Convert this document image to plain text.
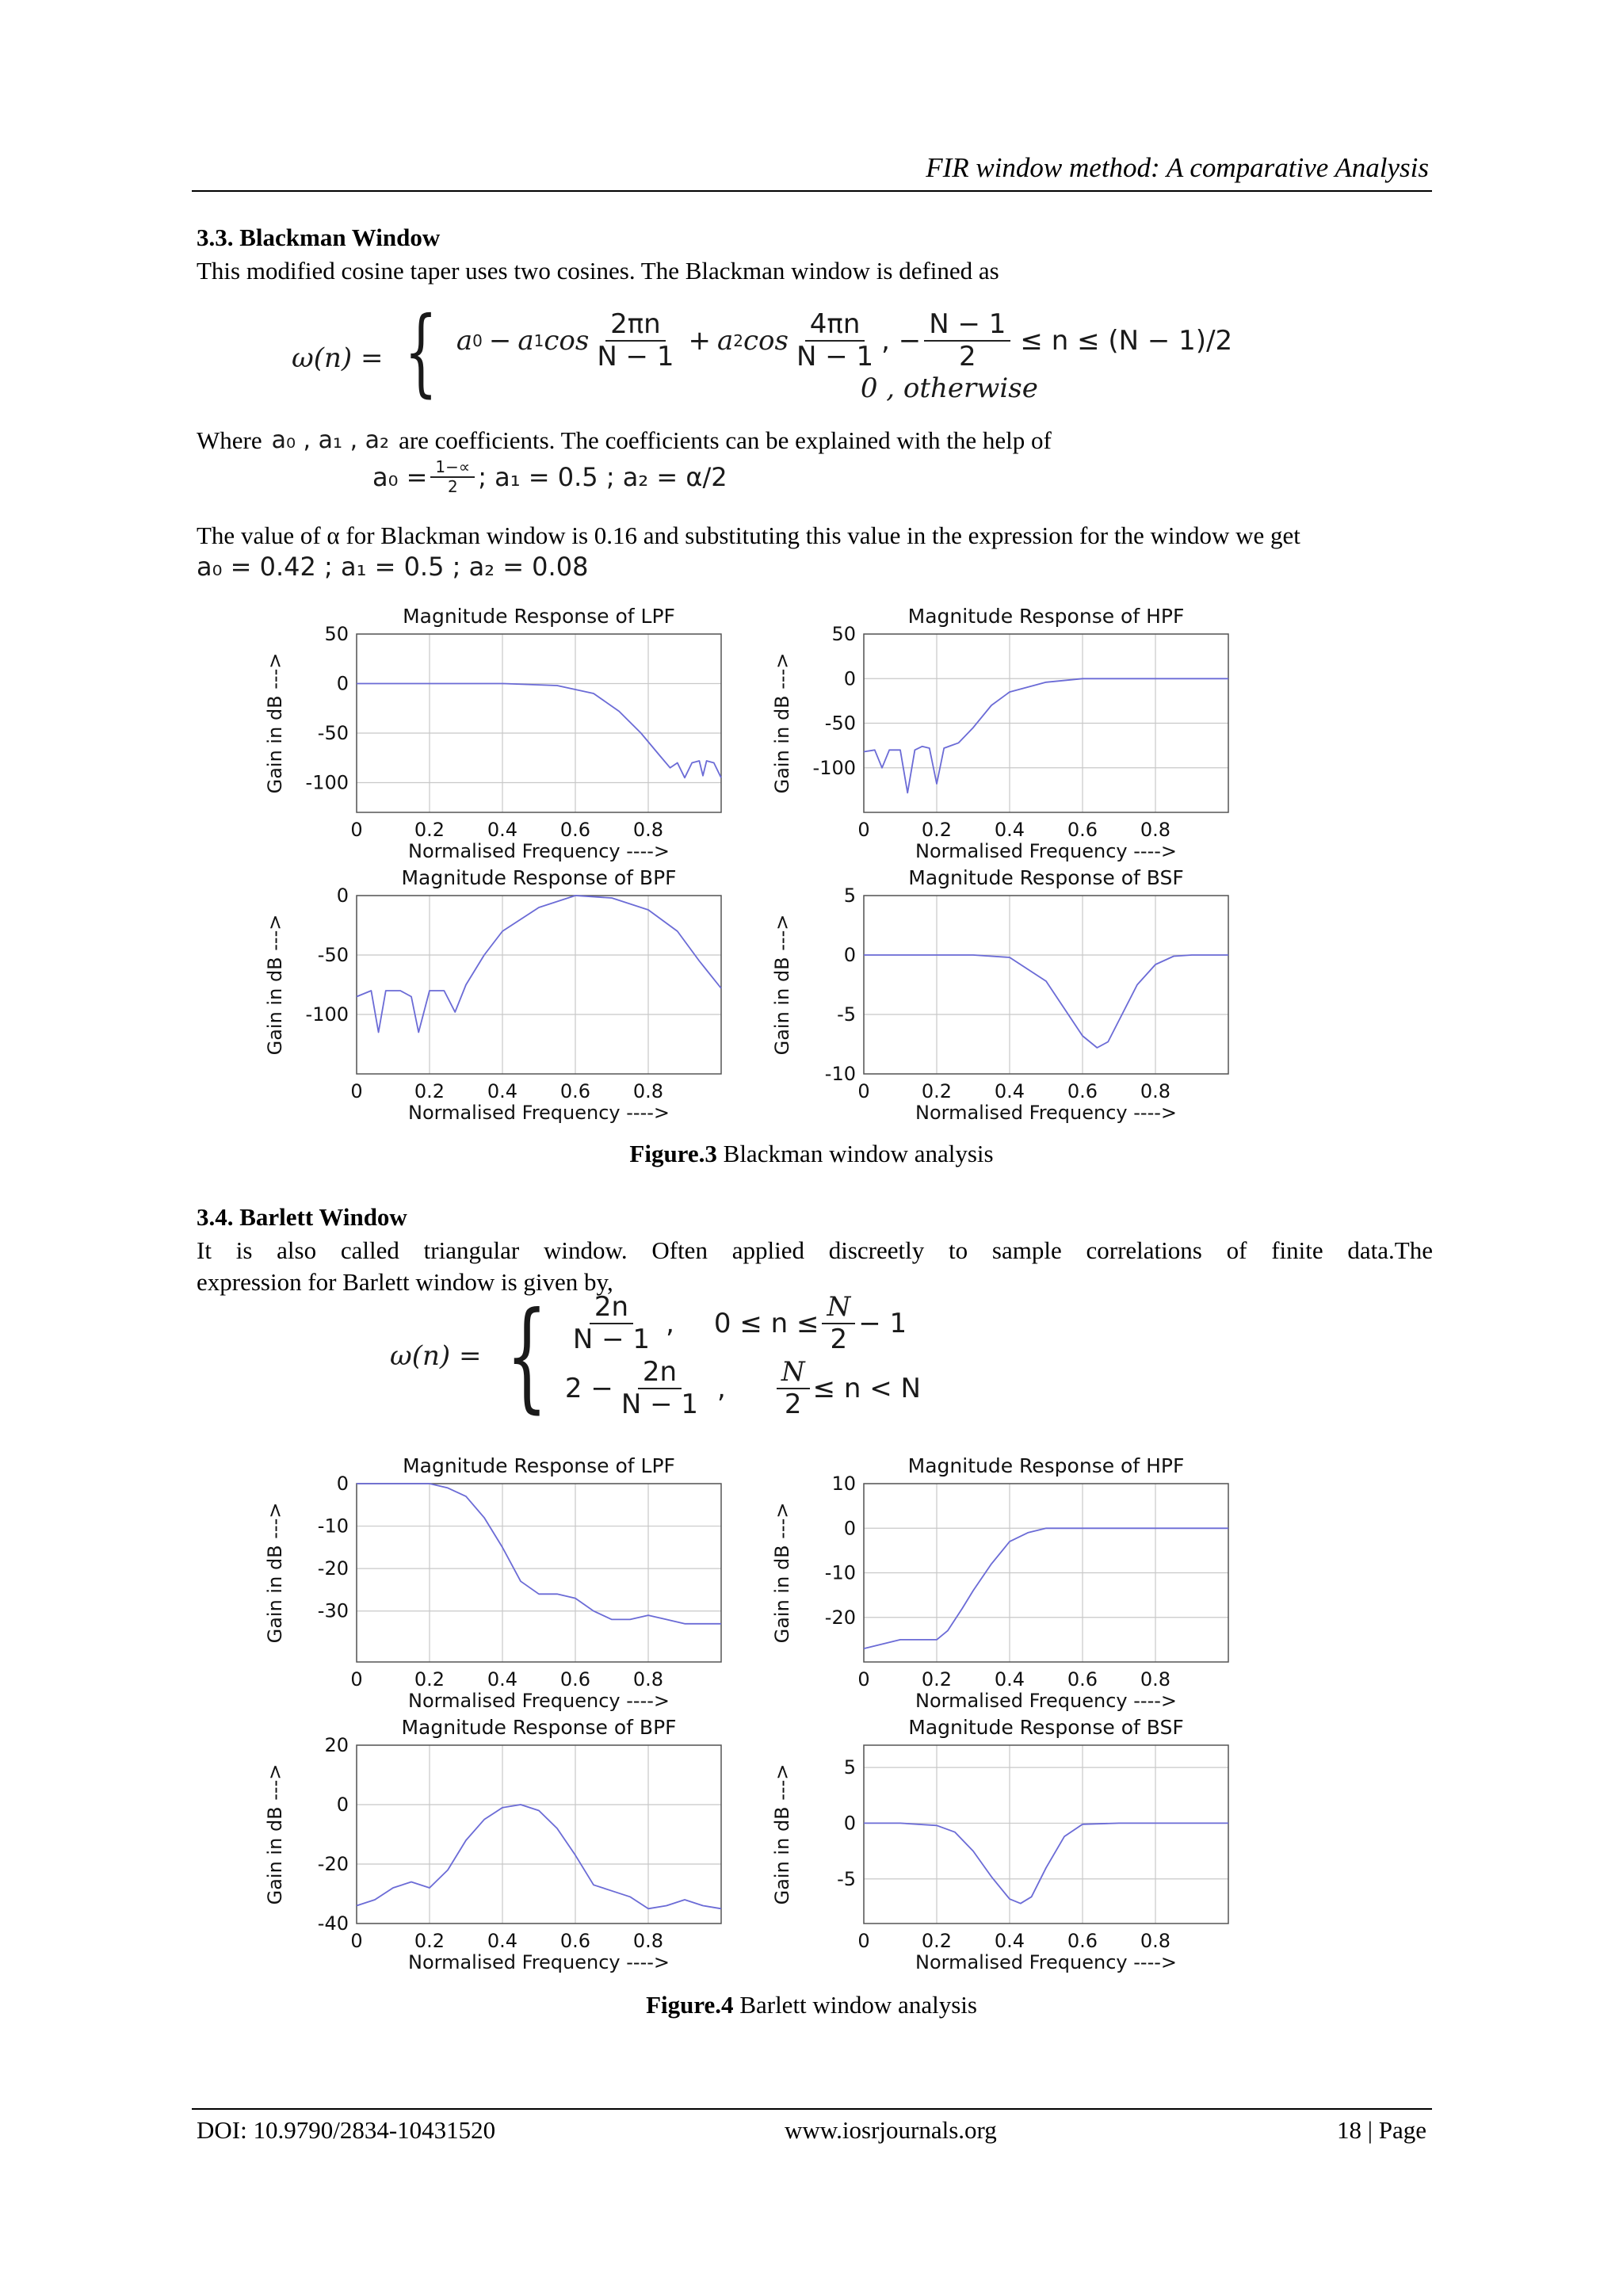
FIR window method: A comparative Analysis
3.3. Blackman Window
This modified cosine taper uses two cosines. The Blackman window is defined as
ω(n) = { a 0 − a 1 $\cos \frac{2\pi n}{N - 1} + a$ 2 $\cos \frac{4\pi n}{N - 1}$ , − $\frac{N - 1}{2} \le n \le (N - 1)/2$
0 , otherwise
Where a₀ , a₁ , a₂ are coefficients. The coefficients can be explained with the help of
$a_0 = \frac{1-\propto}{2}$ ; a₁ = 0.5 ; a₂ = α/2
The value of α for Blackman window is 0.16 and substituting this value in the expression for the window we get
a₀ = 0.42 ; a₁ = 0.5 ; a₂ = 0.08
Magnitude Response of LPF
0	0.2 0.4 0.6 0.8
50
0
-50
-100
Normalised Frequency ---->
Gain in dB --->
Magnitude Response of HPF
0	0.2 0.4 0.6 0.8
50
0
-50
-100
Normalised Frequency ---->
Gain in dB --->
Magnitude Response of BPF
0	0.2 0.4 0.6 0.8
0
-50
-100
Normalised Frequency ---->
Gain in dB --->
Magnitude Response of BSF
0	0.2 0.4 0.6 0.8
5
0
-5
-10
Normalised Frequency ---->
Gain in dB --->
Figure.3 Blackman window analysis
3.4. Barlett Window
It is also called triangular window. Often applied discreetly to sample correlations of finite data.The
expression for Barlett window is given by,
ω(n) = { $\frac{2n}{N - 1}$ , $0 \le n \le \frac{N}{2} - 1$
$2 - \frac{2n}{N - 1}$ , $\frac{N}{2} \le n < N$
Magnitude Response of LPF
0	0.2 0.4 0.6 0.8
0
-10
-20
-30
Normalised Frequency ---->
Gain in dB --->
Magnitude Response of HPF
0	0.2 0.4 0.6 0.8
10
0
-10
-20
Normalised Frequency ---->
Gain in dB --->
Magnitude Response of BPF
0	0.2 0.4 0.6 0.8
20
0
-20
-40
Normalised Frequency ---->
Gain in dB --->
Magnitude Response of BSF
0	0.2 0.4 0.6 0.8
5
0
-5
Normalised Frequency ---->
Gain in dB --->
Figure.4 Barlett window analysis
DOI: 10.9790/2834-10431520	www.iosrjournals.org	18 | Page
